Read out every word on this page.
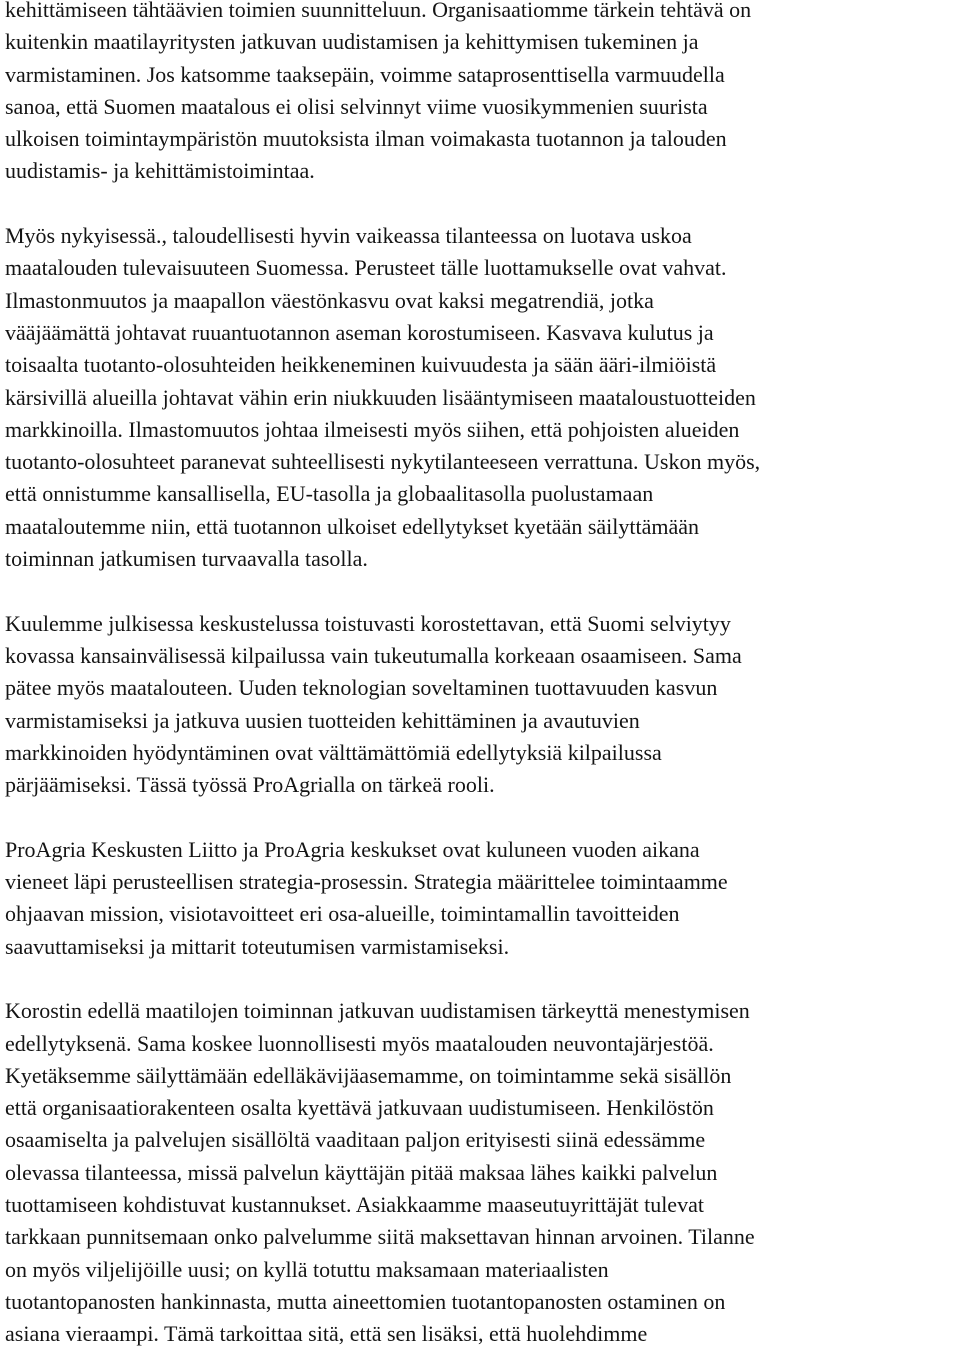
kehittämiseen tähtäävien toimien suunnitteluun. Organisaatiomme tärkein tehtävä on
kuitenkin maatilayritysten jatkuvan uudistamisen ja kehittymisen tukeminen ja
varmistaminen. Jos katsomme taaksepäin, voimme sataprosenttisella varmuudella
sanoa, että Suomen maatalous ei olisi selvinnyt viime vuosikymmenien suurista
ulkoisen toimintaympäristön muutoksista ilman voimakasta tuotannon ja talouden
uudistamis- ja kehittämistoimintaa.
Myös nykyisessä., taloudellisesti hyvin vaikeassa tilanteessa on luotava uskoa
maatalouden tulevaisuuteen Suomessa. Perusteet tälle luottamukselle ovat vahvat.
Ilmastonmuutos ja maapallon väestönkasvu ovat kaksi megatrendiä, jotka
vääjäämättä johtavat ruuantuotannon aseman korostumiseen. Kasvava kulutus ja
toisaalta tuotanto-olosuhteiden heikkeneminen kuivuudesta ja sään ääri-ilmiöistä
kärsivillä alueilla johtavat vähin erin niukkuuden lisääntymiseen maataloustuotteiden
markkinoilla. Ilmastomuutos johtaa ilmeisesti myös siihen, että pohjoisten alueiden
tuotanto-olosuhteet paranevat suhteellisesti nykytilanteeseen verrattuna. Uskon myös,
että onnistumme kansallisella, EU-tasolla ja globaalitasolla puolustamaan
maataloutemme niin, että tuotannon ulkoiset edellytykset kyetään säilyttämään
toiminnan jatkumisen turvaavalla tasolla.
Kuulemme julkisessa keskustelussa toistuvasti korostettavan, että Suomi selviytyy
kovassa kansainvälisessä kilpailussa vain tukeutumalla korkeaan osaamiseen. Sama
pätee myös maatalouteen. Uuden teknologian soveltaminen tuottavuuden kasvun
varmistamiseksi ja jatkuva uusien tuotteiden kehittäminen ja avautuvien
markkinoiden hyödyntäminen ovat välttämättömiä edellytyksiä kilpailussa
pärjäämiseksi. Tässä työssä ProAgrialla on tärkeä rooli.
ProAgria Keskusten Liitto ja ProAgria keskukset ovat kuluneen vuoden aikana
vieneet läpi perusteellisen strategia-prosessin. Strategia määrittelee toimintaamme
ohjaavan mission, visiotavoitteet eri osa-alueille, toimintamallin tavoitteiden
saavuttamiseksi ja mittarit toteutumisen varmistamiseksi.
Korostin edellä maatilojen toiminnan jatkuvan uudistamisen tärkeyttä menestymisen
edellytyksenä. Sama koskee luonnollisesti myös maatalouden neuvontajärjestöä.
Kyetäksemme säilyttämään edelläkävijäasemamme, on toimintamme sekä sisällön
että organisaatiorakenteen osalta kyettävä jatkuvaan uudistumiseen. Henkilöstön
osaamiselta ja palvelujen sisällöltä vaaditaan paljon erityisesti siinä edessämme
olevassa tilanteessa, missä palvelun käyttäjän pitää maksaa lähes kaikki palvelun
tuottamiseen kohdistuvat kustannukset. Asiakkaamme maaseutuyrittäjät tulevat
tarkkaan punnitsemaan onko palvelumme siitä maksettavan hinnan arvoinen. Tilanne
on myös viljelijöille uusi; on kyllä totuttu maksamaan materiaalisten
tuotantopanosten hankinnasta, mutta aineettomien tuotantopanosten ostaminen on
asiana vieraampi. Tämä tarkoittaa sitä, että sen lisäksi, että huolehdimme
